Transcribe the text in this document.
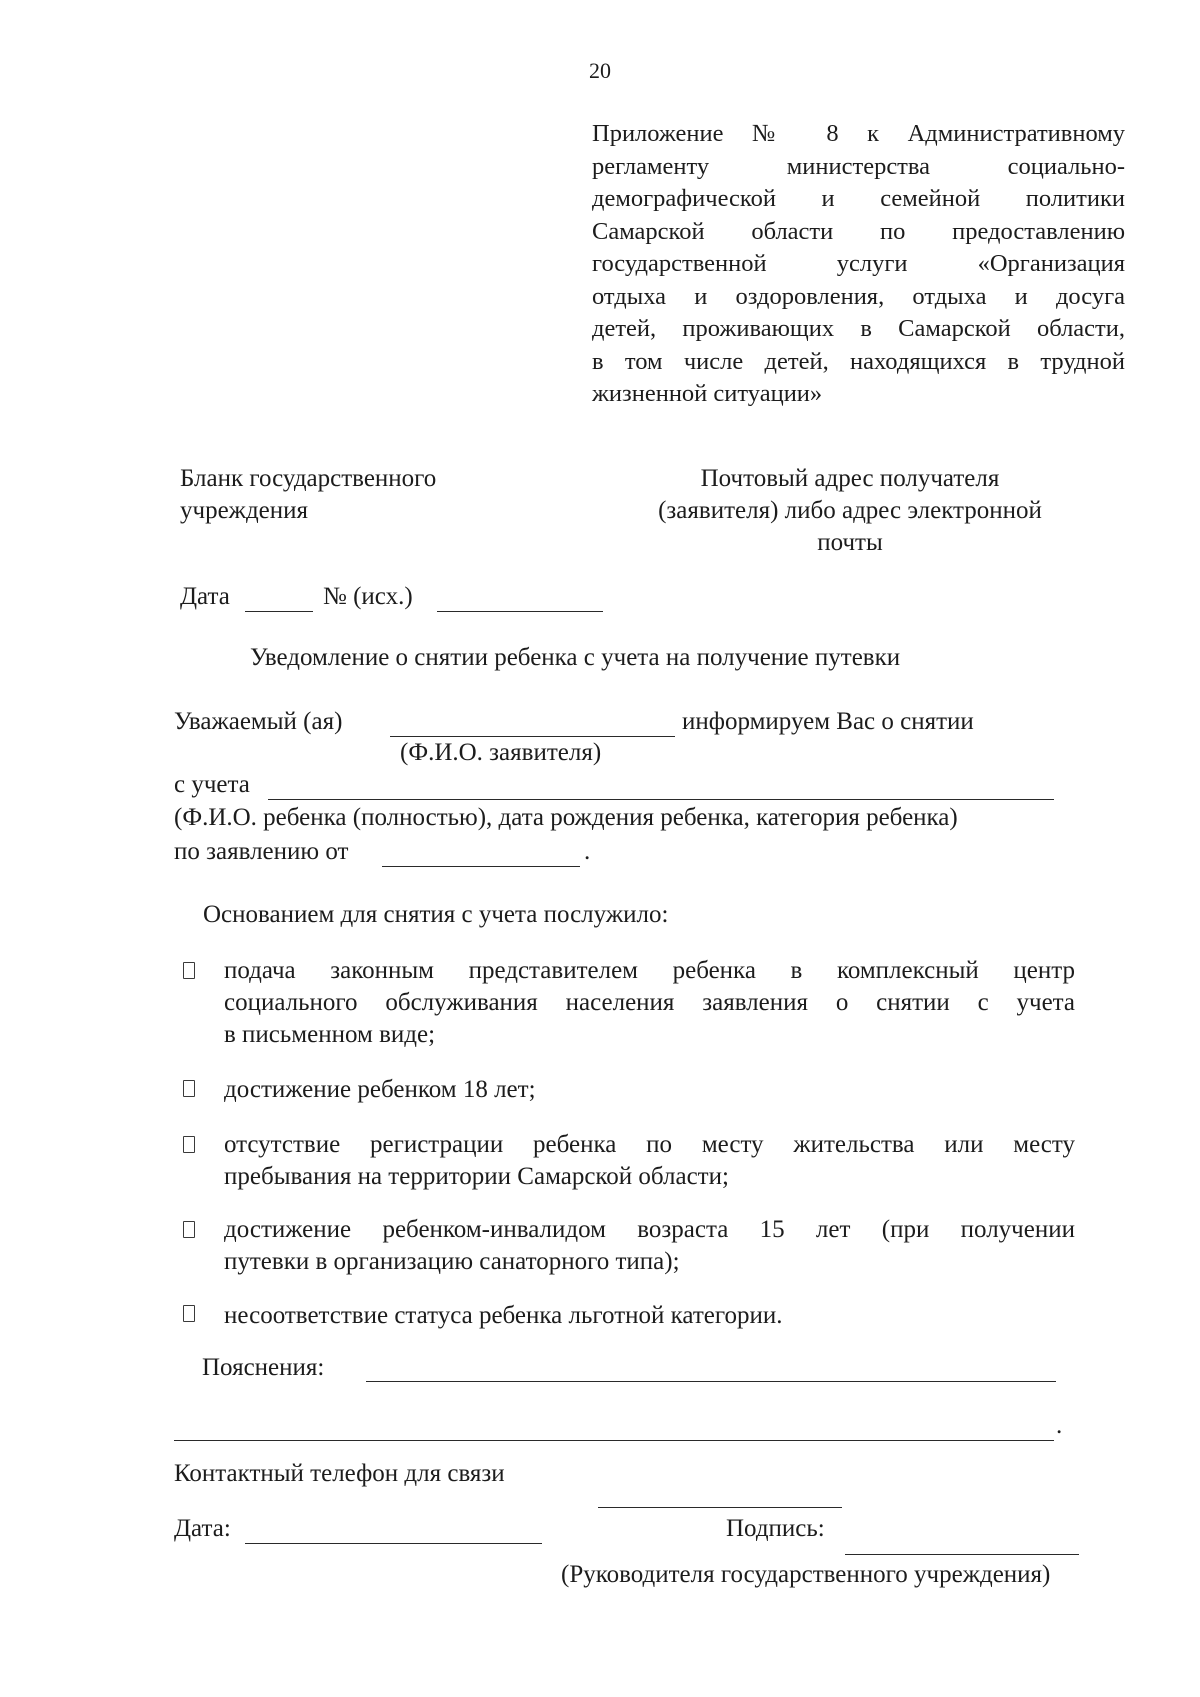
20
Приложение № 8 к Административному
регламенту министерства социально-
демографической и семейной политики
Самарской области по предоставлению
государственной услуги «Организация
отдыха и оздоровления, отдыха и досуга
детей, проживающих в Самарской области,
в том числе детей, находящихся в трудной
жизненной ситуации»
Бланк государственного
учреждения
Почтовый адрес получателя
(заявителя) либо адрес электронной
почты
Дата	№ (исх.)
Уведомление о снятии ребенка с учета на получение путевки
Уважаемый (ая)	информируем Вас о снятии
(Ф.И.О. заявителя)
с учета
(Ф.И.О. ребенка (полностью), дата рождения ребенка, категория ребенка)
по заявлению от	.
Основанием для снятия с учета послужило:
подача законным представителем ребенка в комплексный центр
социального обслуживания населения заявления о снятии с учета
в письменном виде;
достижение ребенком 18 лет;
отсутствие регистрации ребенка по месту жительства или месту
пребывания на территории Самарской области;
достижение ребенком-инвалидом возраста 15 лет (при получении
путевки в организацию санаторного типа);
несоответствие статуса ребенка льготной категории.
Пояснения:
.
Контактный телефон для связи
Дата:	Подпись:
(Руководителя государственного учреждения)
